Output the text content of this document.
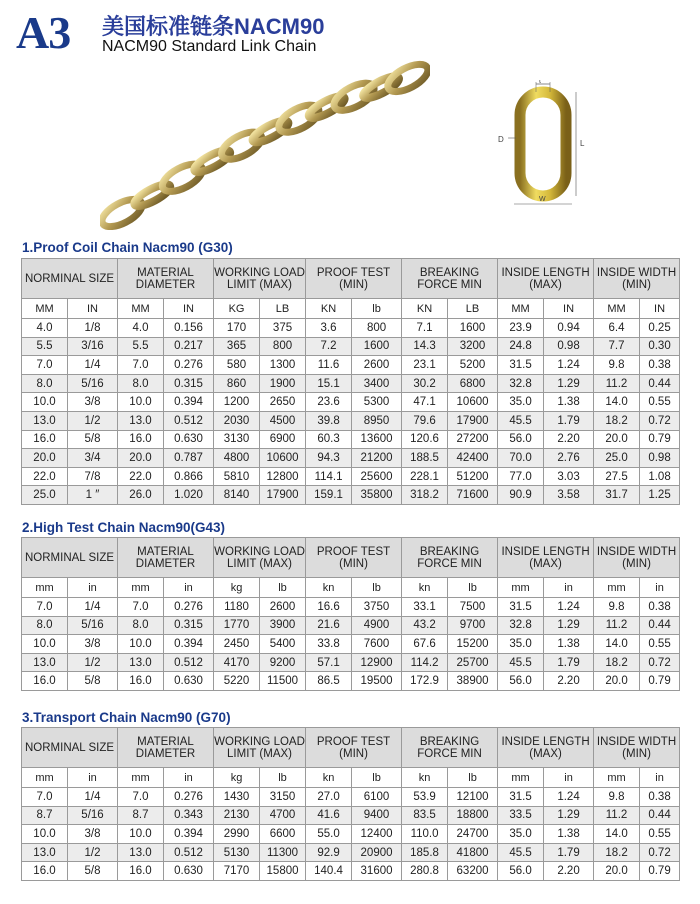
A3 美国标准链条NACM90
NACM90 Standard Link Chain
t
D	L
W
1.Proof Coil Chain Nacm90 (G30)
NORMINAL SIZE		MATERIAL DIAMETER		WORKING LOAD LIMIT (MAX)		PROOF TEST (MIN)		BREAKING FORCE MIN		INSIDE LENGTH (MAX)		INSIDE WIDTH (MIN)	
MM	IN	MM	IN	KG	LB	KN	lb	KN	LB	MM	IN	MM	IN
4.0	1/8	4.0	0.156	170	375	3.6	800	7.1	1600	23.9	0.94	6.4	0.25
5.5	3/16	5.5	0.217	365	800	7.2	1600	14.3	3200	24.8	0.98	7.7	0.30
7.0	1/4	7.0	0.276	580	1300	11.6	2600	23.1	5200	31.5	1.24	9.8	0.38
8.0	5/16	8.0	0.315	860	1900	15.1	3400	30.2	6800	32.8	1.29	11.2	0.44
10.0	3/8	10.0	0.394	1200	2650	23.6	5300	47.1	10600	35.0	1.38	14.0	0.55
13.0	1/2	13.0	0.512	2030	4500	39.8	8950	79.6	17900	45.5	1.79	18.2	0.72
16.0	5/8	16.0	0.630	3130	6900	60.3	13600	120.6	27200	56.0	2.20	20.0	0.79
20.0	3/4	20.0	0.787	4800	10600	94.3	21200	188.5	42400	70.0	2.76	25.0	0.98
22.0	7/8	22.0	0.866	5810	12800	114.1	25600	228.1	51200	77.0	3.03	27.5	1.08
25.0	1 ″	26.0	1.020	8140	17900	159.1	35800	318.2	71600	90.9	3.58	31.7	1.25
2.High Test Chain Nacm90(G43)
NORMINAL SIZE		MATERIAL DIAMETER		WORKING LOAD LIMIT (MAX)		PROOF TEST (MIN)		BREAKING FORCE MIN		INSIDE LENGTH (MAX)		INSIDE WIDTH (MIN)	
mm	in	mm	in	kg	lb	kn	lb	kn	lb	mm	in	mm	in
7.0	1/4	7.0	0.276	1180	2600	16.6	3750	33.1	7500	31.5	1.24	9.8	0.38
8.0	5/16	8.0	0.315	1770	3900	21.6	4900	43.2	9700	32.8	1.29	11.2	0.44
10.0	3/8	10.0	0.394	2450	5400	33.8	7600	67.6	15200	35.0	1.38	14.0	0.55
13.0	1/2	13.0	0.512	4170	9200	57.1	12900	114.2	25700	45.5	1.79	18.2	0.72
16.0	5/8	16.0	0.630	5220	11500	86.5	19500	172.9	38900	56.0	2.20	20.0	0.79
3.Transport Chain Nacm90 (G70)
NORMINAL SIZE		MATERIAL DIAMETER		WORKING LOAD LIMIT (MAX)		PROOF TEST (MIN)		BREAKING FORCE MIN		INSIDE LENGTH (MAX)		INSIDE WIDTH (MIN)	
mm	in	mm	in	kg	lb	kn	lb	kn	lb	mm	in	mm	in
7.0	1/4	7.0	0.276	1430	3150	27.0	6100	53.9	12100	31.5	1.24	9.8	0.38
8.7	5/16	8.7	0.343	2130	4700	41.6	9400	83.5	18800	33.5	1.29	11.2	0.44
10.0	3/8	10.0	0.394	2990	6600	55.0	12400	110.0	24700	35.0	1.38	14.0	0.55
13.0	1/2	13.0	0.512	5130	11300	92.9	20900	185.8	41800	45.5	1.79	18.2	0.72
16.0	5/8	16.0	0.630	7170	15800	140.4	31600	280.8	63200	56.0	2.20	20.0	0.79
